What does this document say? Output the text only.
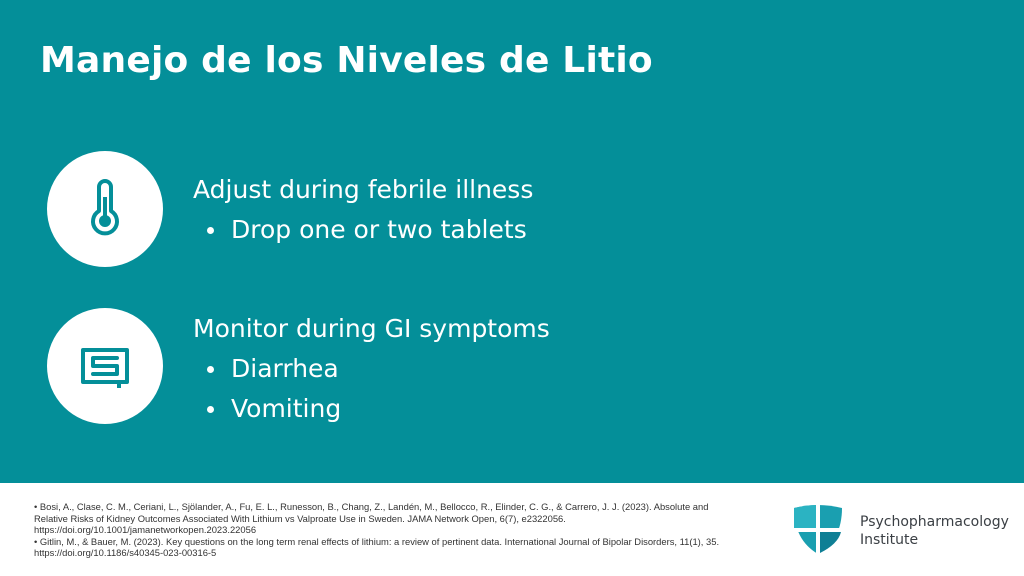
Manejo de los Niveles de Litio
Adjust during febrile illness
Drop one or two tablets
Monitor during GI symptoms
Diarrhea
Vomiting

• Bosi, A., Clase, C. M., Ceriani, L., Sjölander, A., Fu, E. L., Runesson, B., Chang, Z., Landén, M., Bellocco, R., Elinder, C. G., & Carrero, J. J. (2023). Absolute and Relative Risks of Kidney Outcomes Associated With Lithium vs Valproate Use in Sweden. JAMA Network Open, 6(7), e2322056. https://doi.org/10.1001/jamanetworkopen.2023.22056

• Gitlin, M., & Bauer, M. (2023). Key questions on the long term renal effects of lithium: a review of pertinent data. International Journal of Bipolar Disorders, 11(1), 35. https://doi.org/10.1186/s40345-023-00316-5

Psychopharmacology
Institute
